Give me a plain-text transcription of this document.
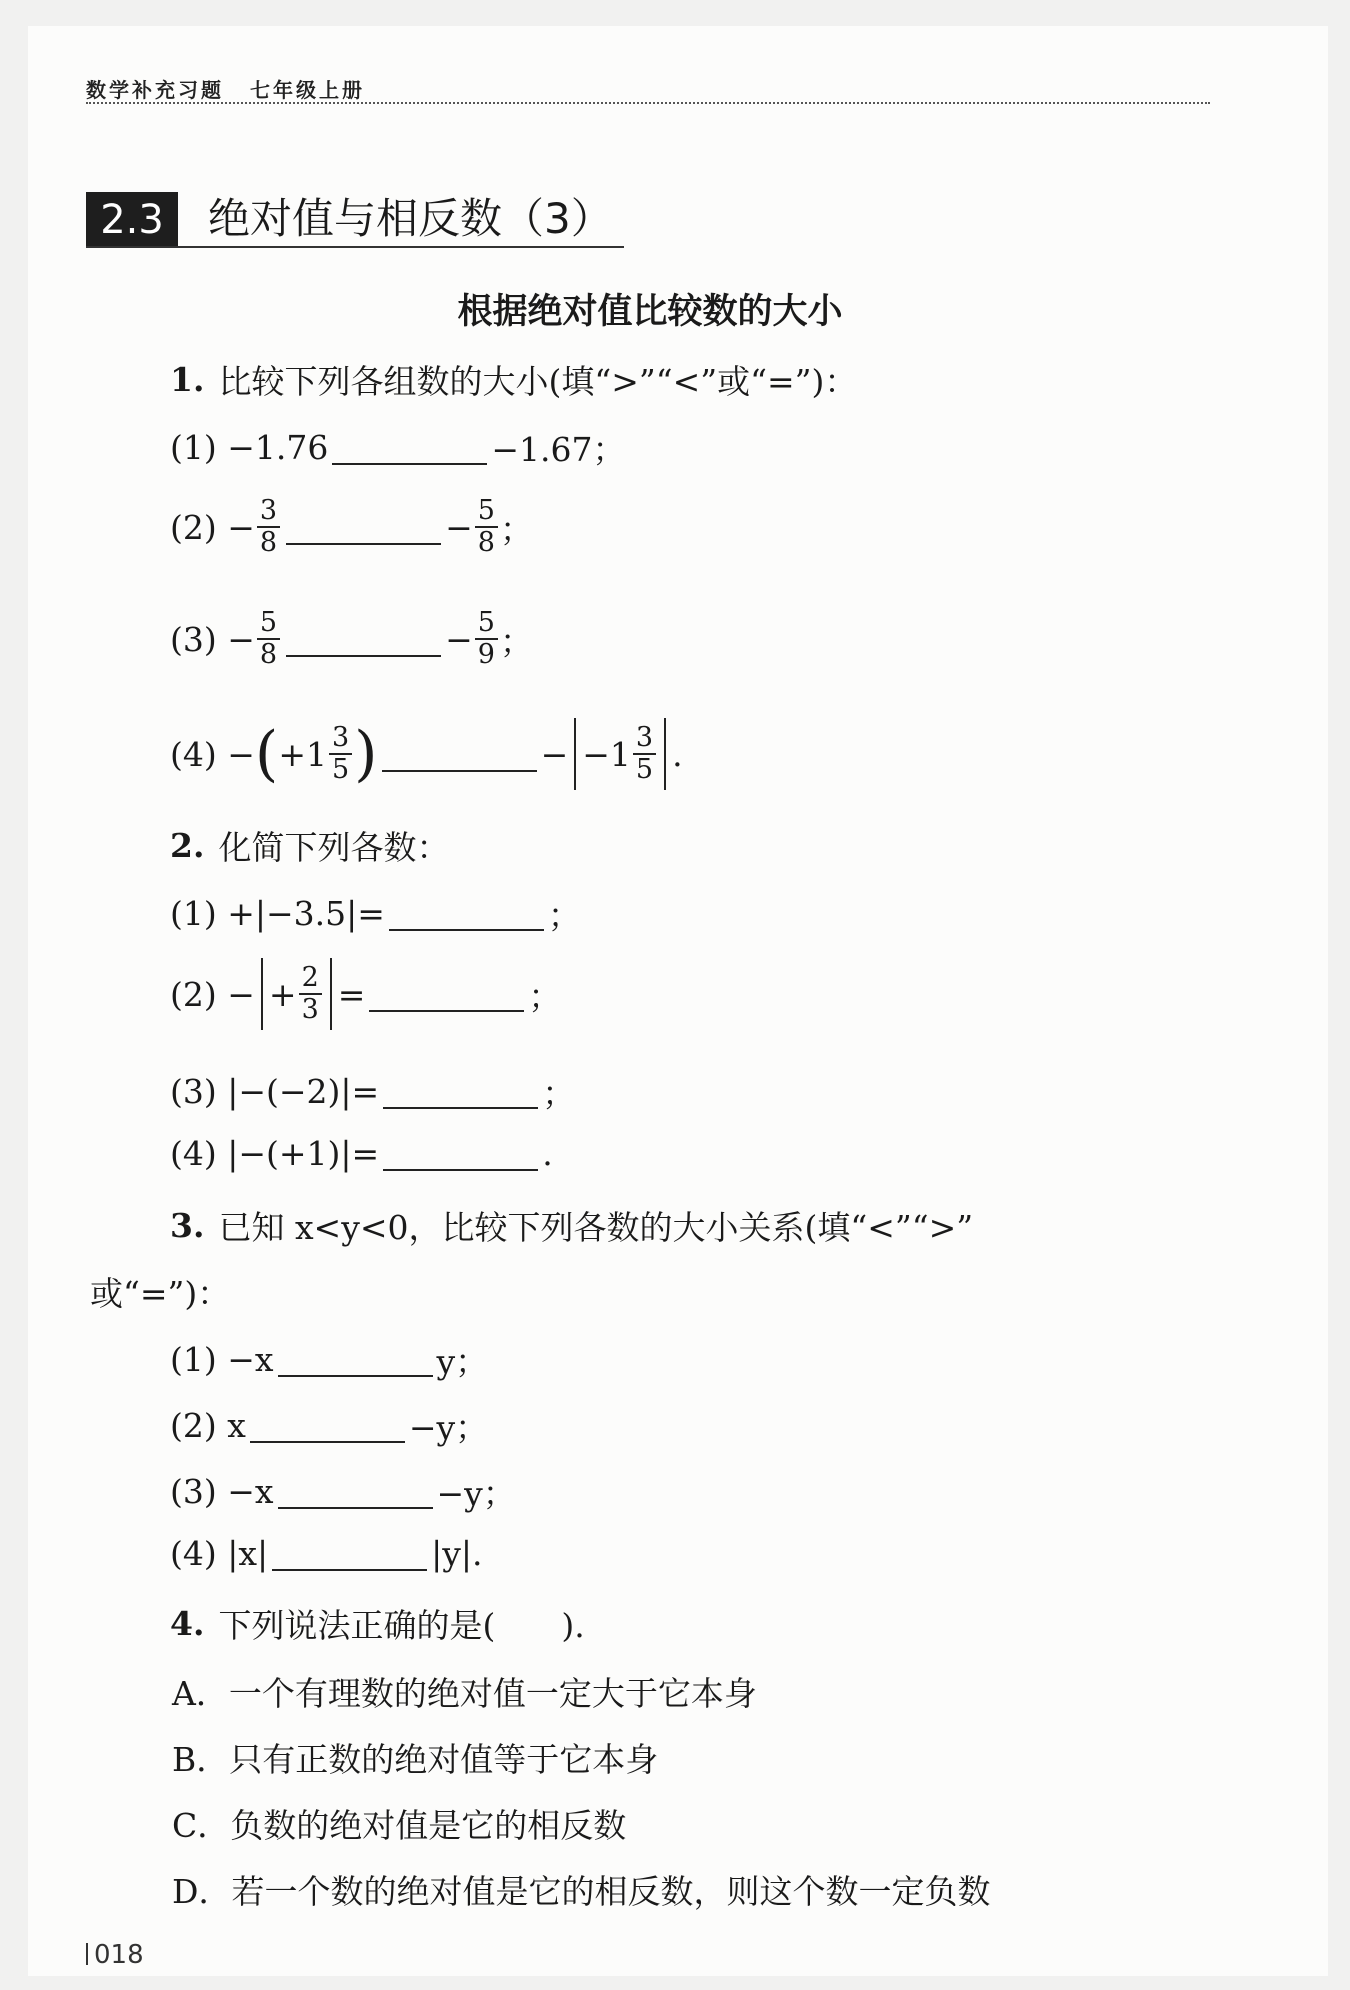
数学补充习题 七年级上册
2.3	绝对值与相反数（3）
根据绝对值比较数的大小
1. 比较下列各组数的大小(填“>”“<”或“=”)：
(1)
−1.76	−1.67；
(2)
− $\frac{3}{8}$	− $\frac{5}{8}$ ；
(3)
− $\frac{5}{8}$	− $\frac{5}{9}$ ；
(4)
− ( $+1 \frac{3}{5}$ )	− $-1 \frac{3}{5}$ .
2. 化简下列各数：
(1)
+|−3.5|=	；
(2)
− + $\frac{2}{3}$ =	；
(3)
|−(−2)|=	；
(4)
|−(+1)|=	.
3. 已知 x<y<0，比较下列各数的大小关系(填“<”“>”
或“=”)：
(1)
−x	y；
(2)
x	−y；
(3)
−x	−y；
(4)
|x|	|y|.
4. 下列说法正确的是(　　).
A．一个有理数的绝对值一定大于它本身
B．只有正数的绝对值等于它本身
C．负数的绝对值是它的相反数
D．若一个数的绝对值是它的相反数，则这个数一定负数
018
